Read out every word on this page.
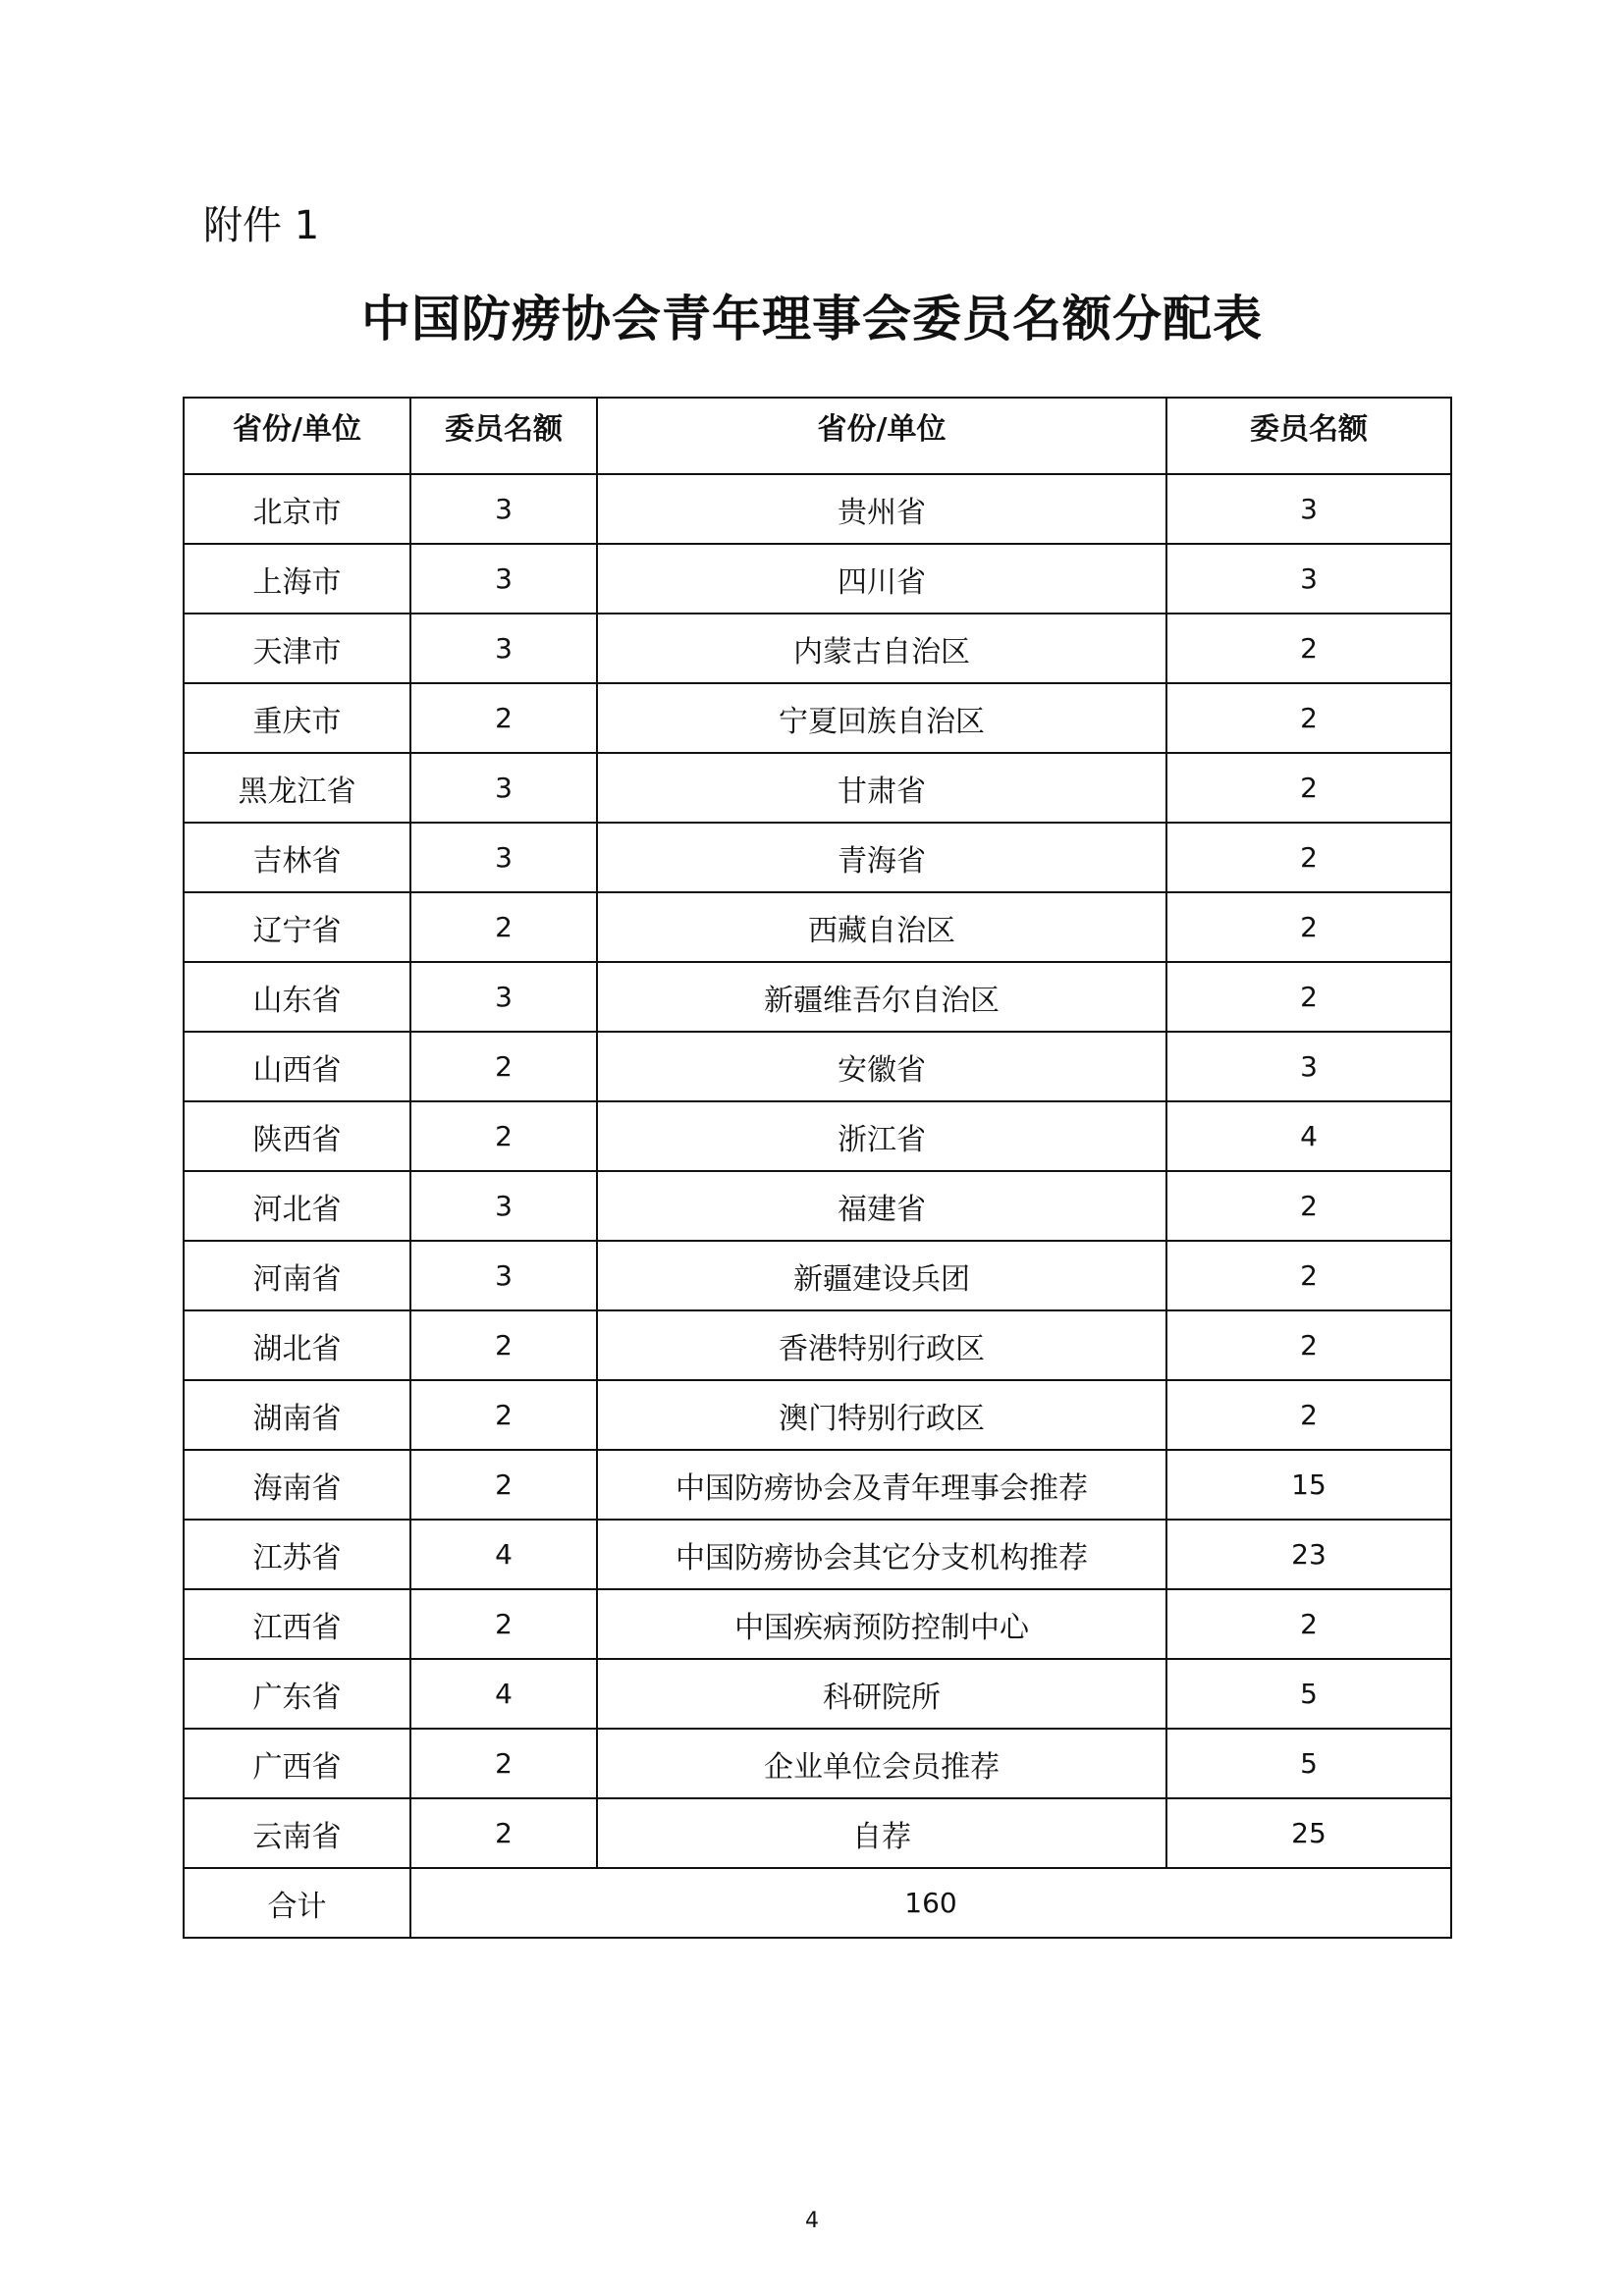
附件 1
中国防痨协会青年理事会委员名额分配表
省份/单位	委员名额	省份/单位	委员名额
北京市	3	贵州省	3
上海市	3	四川省	3
天津市	3	内蒙古自治区	2
重庆市	2	宁夏回族自治区	2
黑龙江省	3	甘肃省	2
吉林省	3	青海省	2
辽宁省	2	西藏自治区	2
山东省	3	新疆维吾尔自治区	2
山西省	2	安徽省	3
陕西省	2	浙江省	4
河北省	3	福建省	2
河南省	3	新疆建设兵团	2
湖北省	2	香港特别行政区	2
湖南省	2	澳门特别行政区	2
海南省	2	中国防痨协会及青年理事会推荐	15
江苏省	4	中国防痨协会其它分支机构推荐	23
江西省	2	中国疾病预防控制中心	2
广东省	4	科研院所	5
广西省	2	企业单位会员推荐	5
云南省	2	自荐	25
合计	160		
4
